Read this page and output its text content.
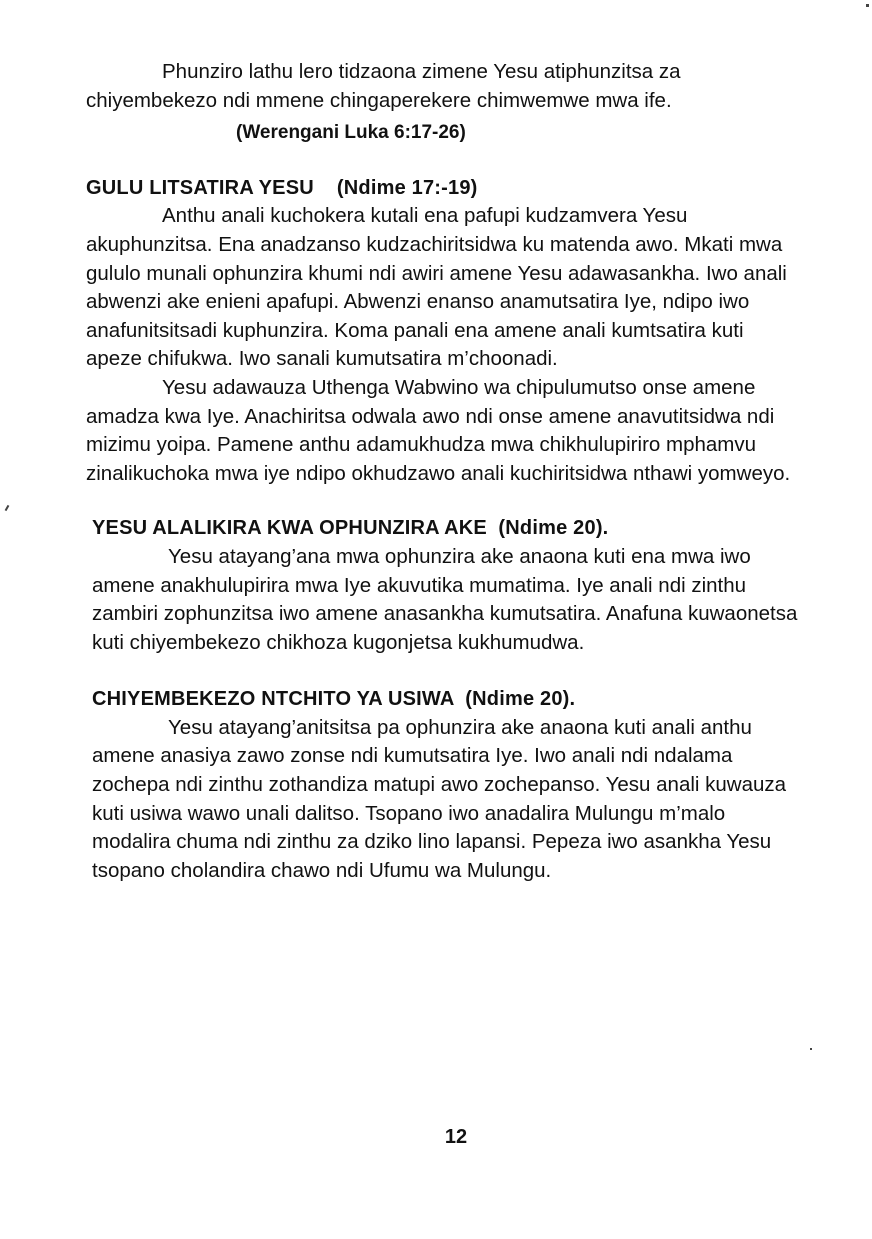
Phunziro lathu lero tidzaona zimene Yesu atiphunzitsa za chiyembekezo ndi mmene chingaperekere chimwemwe mwa ife.

(Werengani Luka 6:17-26)

GULU LITSATIRA YESU    (Ndime 17:-19)

Anthu anali kuchokera kutali ena pafupi kudzamvera Yesu akuphunzitsa. Ena anadzanso kudzachiritsidwa ku matenda awo. Mkati mwa gululo munali ophunzira khumi ndi awiri amene Yesu adawasankha. Iwo anali abwenzi ake enieni apafupi. Abwenzi enanso anamutsatira Iye, ndipo iwo anafunitsitsadi kuphunzira. Koma panali ena amene anali kumtsatira kuti apeze chifukwa. Iwo sanali kumutsatira m’choonadi.

Yesu adawauza Uthenga Wabwino wa chipulumutso onse amene amadza kwa Iye. Anachiritsa odwala awo ndi onse amene anavutitsidwa ndi mizimu yoipa. Pamene anthu adamukhudza mwa chikhulupiriro mphamvu zinalikuchoka mwa iye ndipo okhudzawo anali kuchiritsidwa nthawi yomweyo.

YESU ALALIKIRA KWA OPHUNZIRA AKE  (Ndime 20).

Yesu atayang’ana mwa ophunzira ake anaona kuti ena mwa iwo amene anakhulupirira mwa Iye akuvutika mumatima. Iye anali ndi zinthu zambiri zophunzitsa iwo amene anasankha kumutsatira. Anafuna kuwaonetsa kuti chiyembekezo chikhoza kugonjetsa kukhumudwa.

CHIYEMBEKEZO NTCHITO YA USIWA  (Ndime 20).

Yesu atayang’anitsitsa pa ophunzira ake anaona kuti anali anthu amene anasiya zawo zonse ndi kumutsatira Iye. Iwo anali ndi ndalama zochepa ndi zinthu zothandiza matupi awo zochepanso. Yesu anali kuwauza kuti usiwa wawo unali dalitso. Tsopano iwo anadalira Mulungu m’malo modalira chuma ndi zinthu za dziko lino lapansi. Pepeza iwo asankha Yesu tsopano cholandira chawo ndi Ufumu wa Mulungu.

12
